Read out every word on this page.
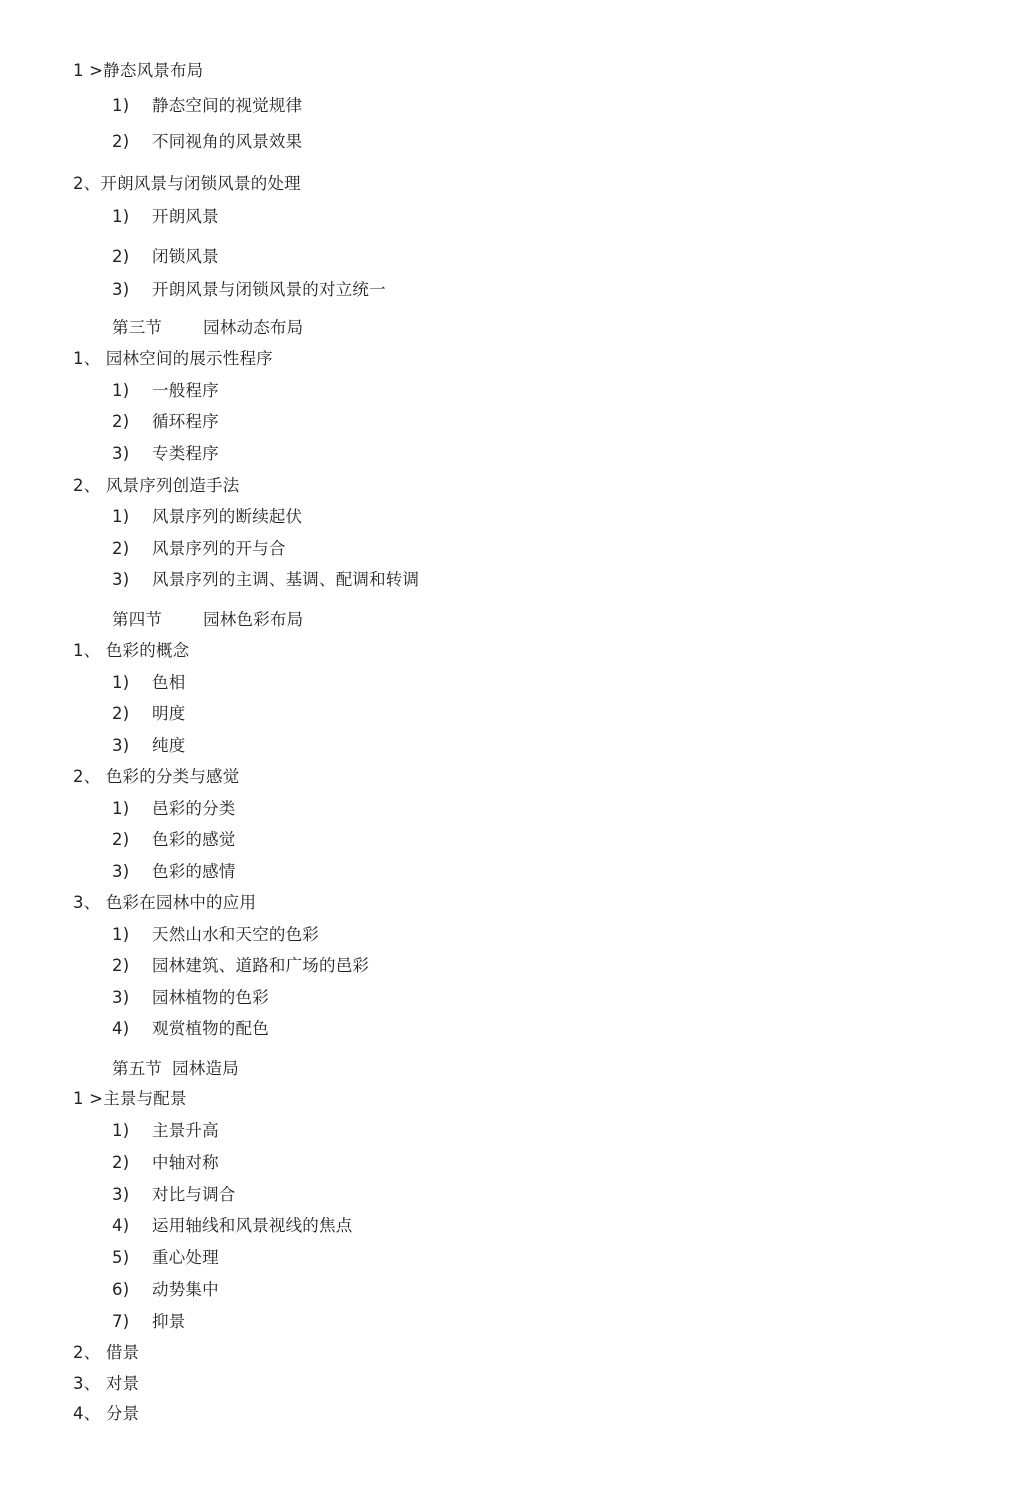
1 >静态风景布局
1) 静态空间的视觉规律
2) 不同视角的风景效果
2、开朗风景与闭锁风景的处理
1) 开朗风景
2) 闭锁风景
3) 开朗风景与闭锁风景的对立统一
第三节 园林动态布局
1、 园林空间的展示性程序
1) 一般程序
2) 循环程序
3) 专类程序
2、 风景序列创造手法
1) 风景序列的断续起伏
2) 风景序列的开与合
3) 风景序列的主调、基调、配调和转调
第四节 园林色彩布局
1、 色彩的概念
1) 色相
2) 明度
3) 纯度
2、 色彩的分类与感觉
1) 邑彩的分类
2) 色彩的感觉
3) 色彩的感情
3、 色彩在园林中的应用
1) 天然山水和天空的色彩
2) 园林建筑、道路和广场的邑彩
3) 园林植物的色彩
4) 观赏植物的配色
第五节 园林造局
1 >主景与配景
1) 主景升高
2) 中轴对称
3) 对比与调合
4) 运用轴线和风景视线的焦点
5) 重心处理
6) 动势集中
7) 抑景
2、 借景
3、 对景
4、 分景
